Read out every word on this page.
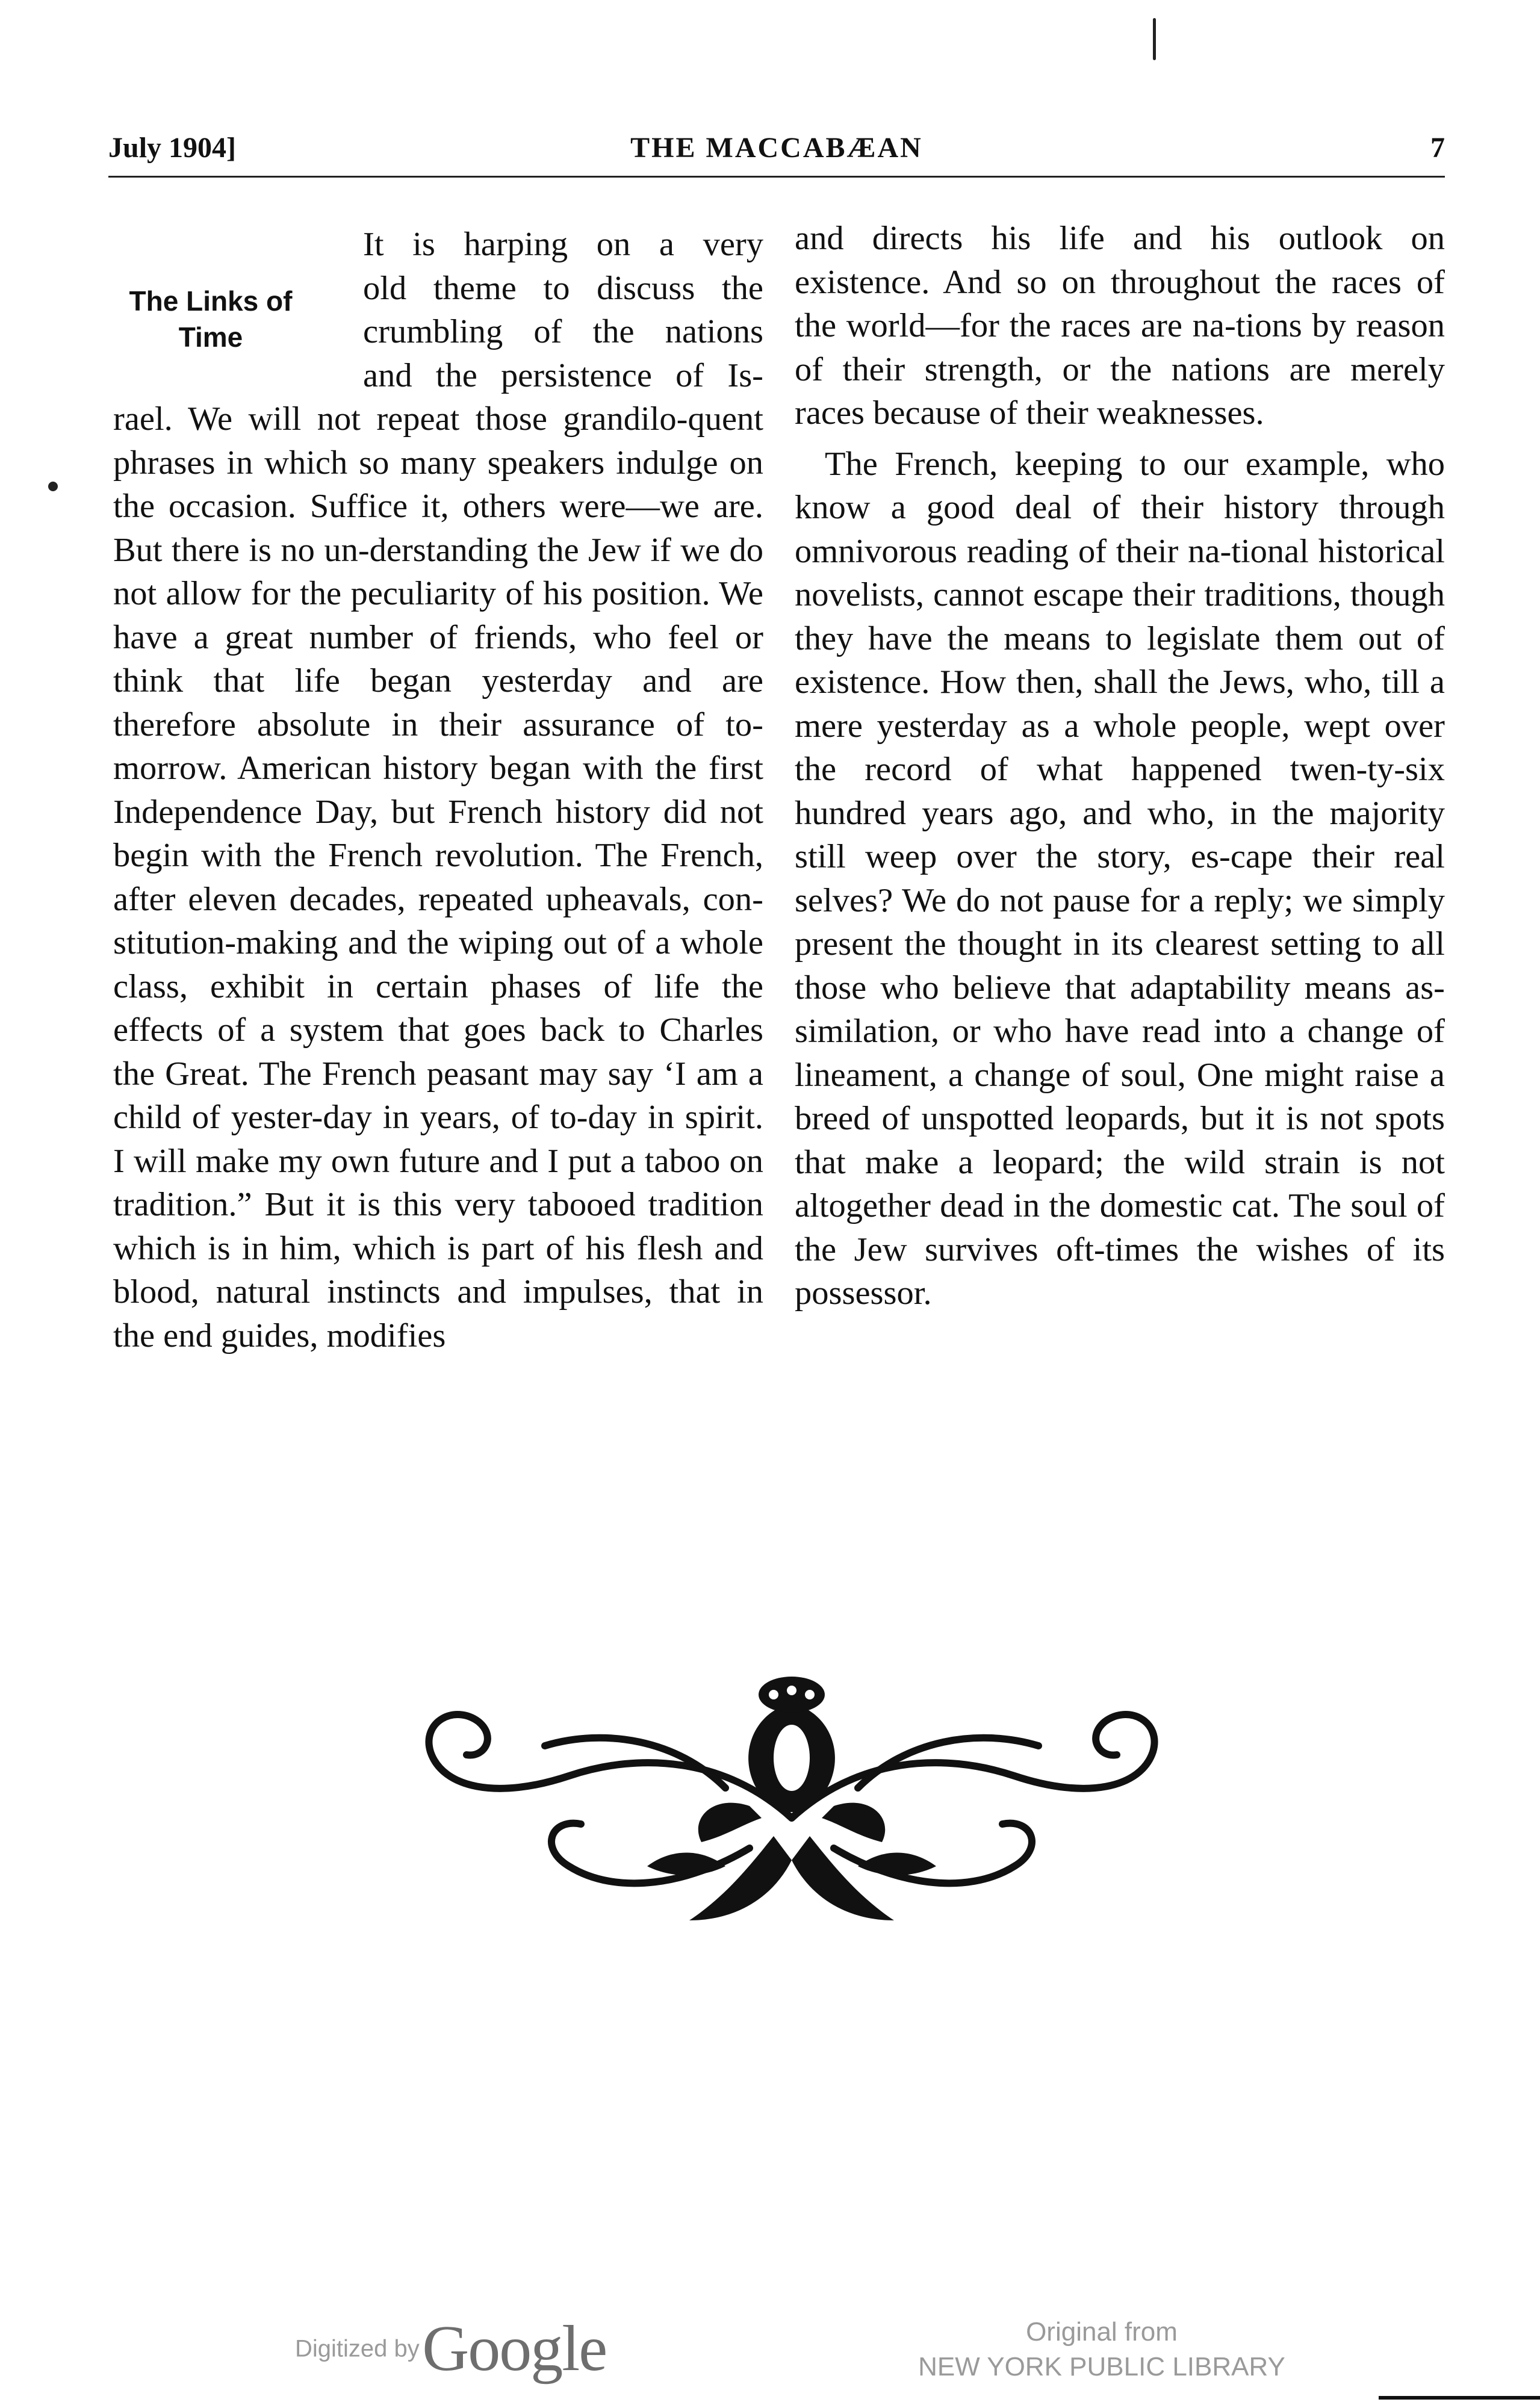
July 1904]	THE MACCABÆAN	7
The Links of
Time

It is harping on a very

old theme to discuss the

crumbling of the nations

and the persistence of Is-

rael. We will not repeat those grandilo-quent phrases in which so many speakers indulge on the occasion. Suffice it, others were—we are. But there is no un-derstanding the Jew if we do not allow for the peculiarity of his position. We have a great number of friends, who feel or think that life began yesterday and are therefore absolute in their assurance of to-morrow. American history began with the first Independence Day, but French history did not begin with the French revolution. The French, after eleven decades, repeated upheavals, con-stitution-making and the wiping out of a whole class, exhibit in certain phases of life the effects of a system that goes back to Charles the Great. The French peasant may say ‘I am a child of yester-day in years, of to-day in spirit. I will make my own future and I put a taboo on tradition.” But it is this very tabooed tradition which is in him, which is part of his flesh and blood, natural instincts and impulses, that in the end guides, modifies

and directs his life and his outlook on existence. And so on throughout the races of the world—for the races are na-tions by reason of their strength, or the nations are merely races because of their weaknesses.

The French, keeping to our example, who know a good deal of their history through omnivorous reading of their na-tional historical novelists, cannot escape their traditions, though they have the means to legislate them out of existence. How then, shall the Jews, who, till a mere yesterday as a whole people, wept over the record of what happened twen-ty-six hundred years ago, and who, in the majority still weep over the story, es-cape their real selves? We do not pause for a reply; we simply present the thought in its clearest setting to all those who believe that adaptability means as-similation, or who have read into a change of lineament, a change of soul, One might raise a breed of unspotted leopards, but it is not spots that make a leopard; the wild strain is not altogether dead in the domestic cat. The soul of the Jew survives oft-times the wishes of its possessor.

Digitized by Google	Original from
NEW YORK PUBLIC LIBRARY
